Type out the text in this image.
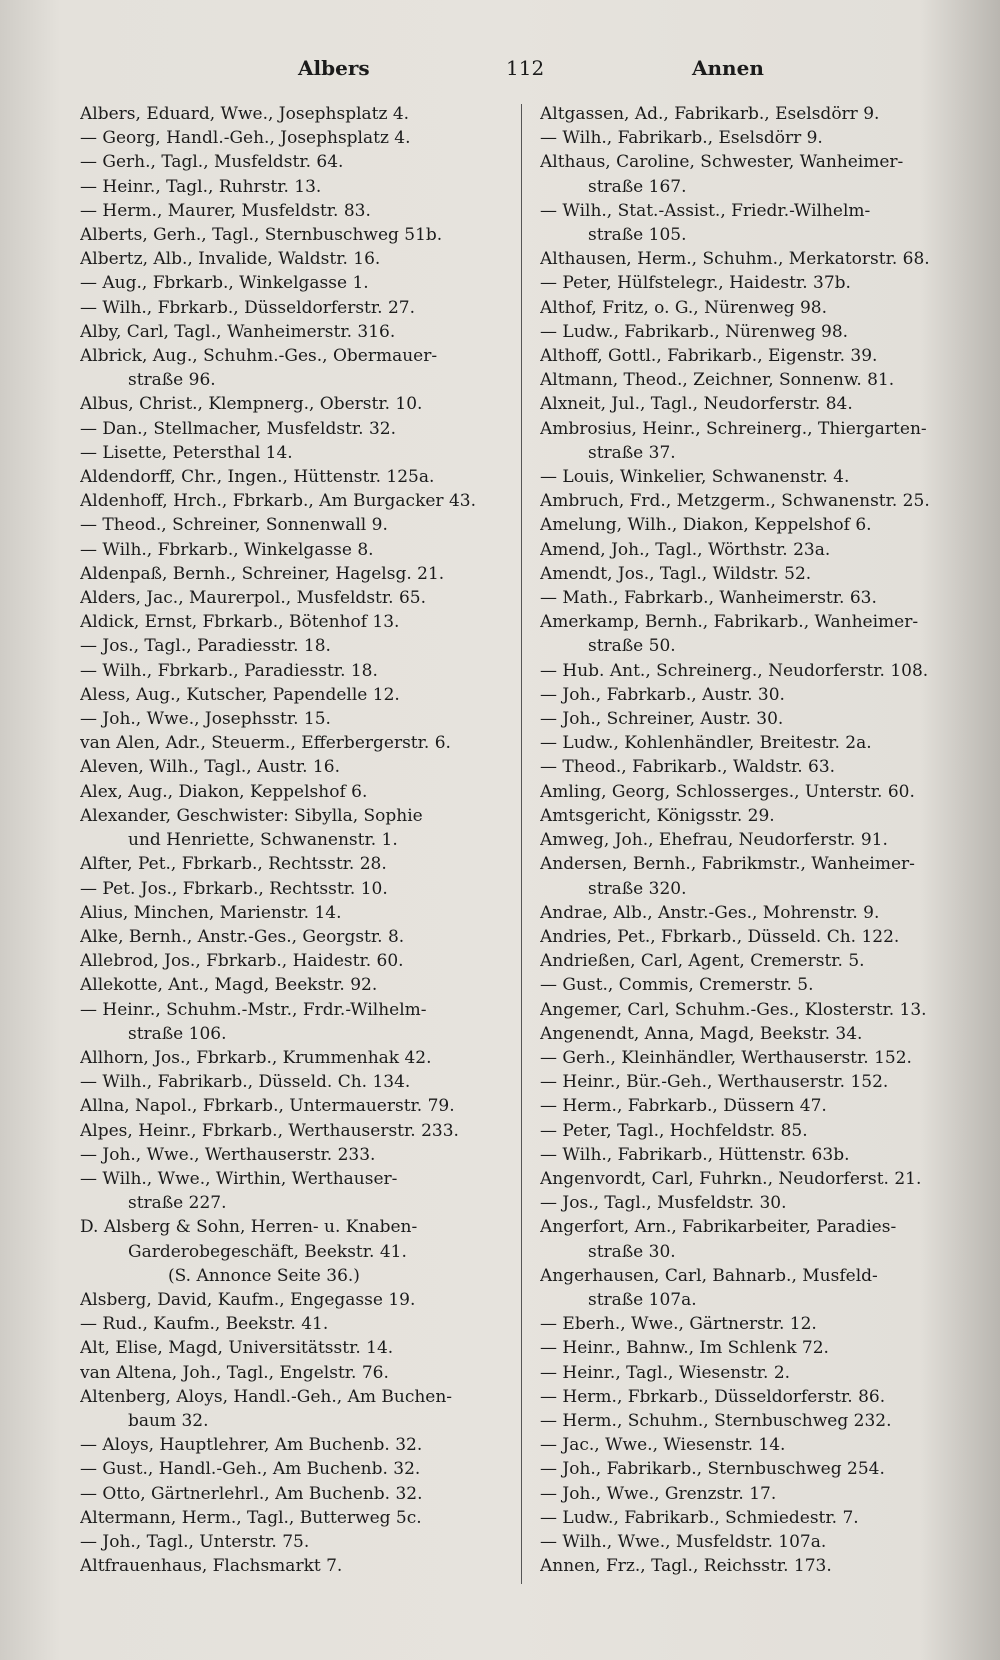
Albers	112	Annen
Albers, Eduard, Wwe., Josephsplatz 4.
— Georg, Handl.-Geh., Josephsplatz 4.
— Gerh., Tagl., Musfeldstr. 64.
— Heinr., Tagl., Ruhrstr. 13.
— Herm., Maurer, Musfeldstr. 83.
Alberts, Gerh., Tagl., Sternbuschweg 51b.
Albertz, Alb., Invalide, Waldstr. 16.
— Aug., Fbrkarb., Winkelgasse 1.
— Wilh., Fbrkarb., Düsseldorferstr. 27.
Alby, Carl, Tagl., Wanheimerstr. 316.
Albrick, Aug., Schuhm.-Ges., Obermauer-
straße 96.
Albus, Christ., Klempnerg., Oberstr. 10.
— Dan., Stellmacher, Musfeldstr. 32.
— Lisette, Petersthal 14.
Aldendorff, Chr., Ingen., Hüttenstr. 125a.
Aldenhoff, Hrch., Fbrkarb., Am Burgacker 43.
— Theod., Schreiner, Sonnenwall 9.
— Wilh., Fbrkarb., Winkelgasse 8.
Aldenpaß, Bernh., Schreiner, Hagelsg. 21.
Alders, Jac., Maurerpol., Musfeldstr. 65.
Aldick, Ernst, Fbrkarb., Bötenhof 13.
— Jos., Tagl., Paradiesstr. 18.
— Wilh., Fbrkarb., Paradiesstr. 18.
Aless, Aug., Kutscher, Papendelle 12.
— Joh., Wwe., Josephsstr. 15.
van Alen, Adr., Steuerm., Efferbergerstr. 6.
Aleven, Wilh., Tagl., Austr. 16.
Alex, Aug., Diakon, Keppelshof 6.
Alexander, Geschwister: Sibylla, Sophie
und Henriette, Schwanenstr. 1.
Alfter, Pet., Fbrkarb., Rechtsstr. 28.
— Pet. Jos., Fbrkarb., Rechtsstr. 10.
Alius, Minchen, Marienstr. 14.
Alke, Bernh., Anstr.-Ges., Georgstr. 8.
Allebrod, Jos., Fbrkarb., Haidestr. 60.
Allekotte, Ant., Magd, Beekstr. 92.
— Heinr., Schuhm.-Mstr., Frdr.-Wilhelm-
straße 106.
Allhorn, Jos., Fbrkarb., Krummenhak 42.
— Wilh., Fabrikarb., Düsseld. Ch. 134.
Allna, Napol., Fbrkarb., Untermauerstr. 79.
Alpes, Heinr., Fbrkarb., Werthauserstr. 233.
— Joh., Wwe., Werthauserstr. 233.
— Wilh., Wwe., Wirthin, Werthauser-
straße 227.
D. Alsberg & Sohn, Herren- u. Knaben-
Garderobegeschäft, Beekstr. 41.
(S. Annonce Seite 36.)
Alsberg, David, Kaufm., Engegasse 19.
— Rud., Kaufm., Beekstr. 41.
Alt, Elise, Magd, Universitätsstr. 14.
van Altena, Joh., Tagl., Engelstr. 76.
Altenberg, Aloys, Handl.-Geh., Am Buchen-
baum 32.
— Aloys, Hauptlehrer, Am Buchenb. 32.
— Gust., Handl.-Geh., Am Buchenb. 32.
— Otto, Gärtnerlehrl., Am Buchenb. 32.
Altermann, Herm., Tagl., Butterweg 5c.
— Joh., Tagl., Unterstr. 75.
Altfrauenhaus, Flachsmarkt 7.
Altgassen, Ad., Fabrikarb., Eselsdörr 9.
— Wilh., Fabrikarb., Eselsdörr 9.
Althaus, Caroline, Schwester, Wanheimer-
straße 167.
— Wilh., Stat.-Assist., Friedr.-Wilhelm-
straße 105.
Althausen, Herm., Schuhm., Merkatorstr. 68.
— Peter, Hülfstelegr., Haidestr. 37b.
Althof, Fritz, o. G., Nürenweg 98.
— Ludw., Fabrikarb., Nürenweg 98.
Althoff, Gottl., Fabrikarb., Eigenstr. 39.
Altmann, Theod., Zeichner, Sonnenw. 81.
Alxneit, Jul., Tagl., Neudorferstr. 84.
Ambrosius, Heinr., Schreinerg., Thiergarten-
straße 37.
— Louis, Winkelier, Schwanenstr. 4.
Ambruch, Frd., Metzgerm., Schwanenstr. 25.
Amelung, Wilh., Diakon, Keppelshof 6.
Amend, Joh., Tagl., Wörthstr. 23a.
Amendt, Jos., Tagl., Wildstr. 52.
— Math., Fabrkarb., Wanheimerstr. 63.
Amerkamp, Bernh., Fabrikarb., Wanheimer-
straße 50.
— Hub. Ant., Schreinerg., Neudorferstr. 108.
— Joh., Fabrkarb., Austr. 30.
— Joh., Schreiner, Austr. 30.
— Ludw., Kohlenhändler, Breitestr. 2a.
— Theod., Fabrikarb., Waldstr. 63.
Amling, Georg, Schlosserges., Unterstr. 60.
Amtsgericht, Königsstr. 29.
Amweg, Joh., Ehefrau, Neudorferstr. 91.
Andersen, Bernh., Fabrikmstr., Wanheimer-
straße 320.
Andrae, Alb., Anstr.-Ges., Mohrenstr. 9.
Andries, Pet., Fbrkarb., Düsseld. Ch. 122.
Andrießen, Carl, Agent, Cremerstr. 5.
— Gust., Commis, Cremerstr. 5.
Angemer, Carl, Schuhm.-Ges., Klosterstr. 13.
Angenendt, Anna, Magd, Beekstr. 34.
— Gerh., Kleinhändler, Werthauserstr. 152.
— Heinr., Bür.-Geh., Werthauserstr. 152.
— Herm., Fabrkarb., Düssern 47.
— Peter, Tagl., Hochfeldstr. 85.
— Wilh., Fabrikarb., Hüttenstr. 63b.
Angenvordt, Carl, Fuhrkn., Neudorferst. 21.
— Jos., Tagl., Musfeldstr. 30.
Angerfort, Arn., Fabrikarbeiter, Paradies-
straße 30.
Angerhausen, Carl, Bahnarb., Musfeld-
straße 107a.
— Eberh., Wwe., Gärtnerstr. 12.
— Heinr., Bahnw., Im Schlenk 72.
— Heinr., Tagl., Wiesenstr. 2.
— Herm., Fbrkarb., Düsseldorferstr. 86.
— Herm., Schuhm., Sternbuschweg 232.
— Jac., Wwe., Wiesenstr. 14.
— Joh., Fabrikarb., Sternbuschweg 254.
— Joh., Wwe., Grenzstr. 17.
— Ludw., Fabrikarb., Schmiedestr. 7.
— Wilh., Wwe., Musfeldstr. 107a.
Annen, Frz., Tagl., Reichsstr. 173.
